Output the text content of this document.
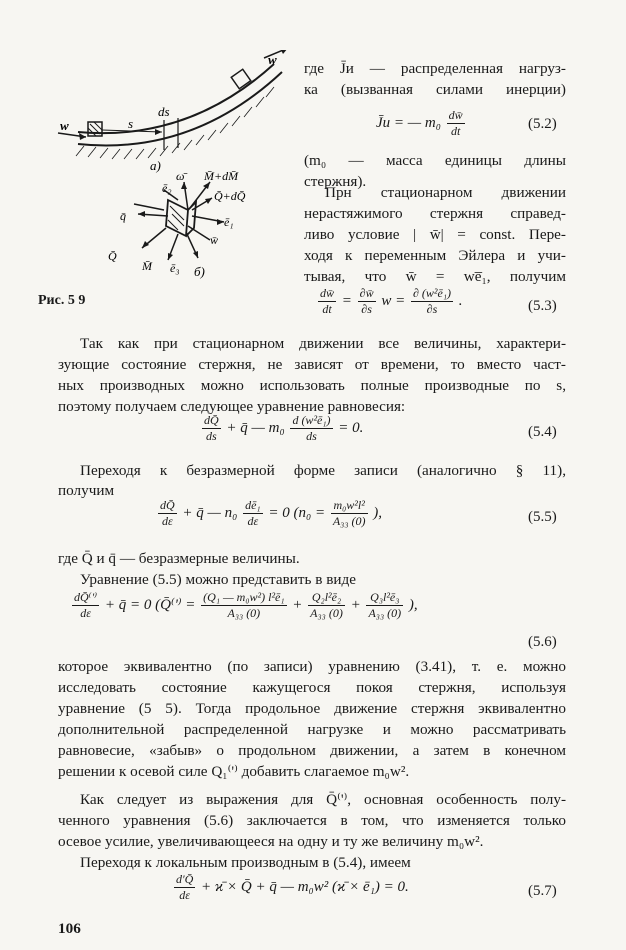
w
w
s
ds
a)
ω̄ M̄+dM̄
Q̄+dQ̄
ē₂
ē₁
q̄
w̄
Q̄
M̄ ē₃ б)
Рис. 5 9
где J̄и — распределенная нагруз-
ка (вызванная силами инерции)
J̄и = — $m_0 \frac{dw̄}{dt}$	(5.2)
(m₀ — масса единицы длины
стержня).
Прн стационарном движении
нерастяжимого стержня справед-
ливо условие | w̄| = const. Пере-
ходя к переменным Эйлера и учи-
тывая, что w̄ = we̅₁, получим
$\frac{dw̄}{dt} = \frac{\partial w̄}{\partial s}$ $w = \frac{\text{∂ (w²ē₁)}}{\partial s}$ .	(5.3)
Так как при стационарном движении все величины, характери-
зующие состояние стержня, не зависят от времени, то вместо част-
ных производных можно использовать полные производные по s,
поэтому получаем следующее уравнение равновесия:
$\frac{dQ̄}{ds}$ + q̄ — $m_0 \frac{\text{d (w²ē₁)}}{ds} = 0$.	(5.4)
Переходя к безразмерной форме записи (аналогично § 11),
получим
$\frac{dQ̄}{d\varepsilon}$ + q̄ — $n_0 \frac{\text{dē₁}}{d\varepsilon} = 0$ ($n_0 = \frac{\text{m₀w²l²}}{\text{A₃₃ (0)}}$ ),	(5.5)
где Q̄ и q̄ — безразмерные величины.
Уравнение (5.5) можно представить в виде
$\frac{dQ̄^('^)}{d\varepsilon}$ + q̄ = 0 (Q̄⁽'⁾ = $\frac{\text{(Q₁ — m₀w²) l²ē₁}}{\text{A₃₃ (0)}} + \frac{\text{Q₂l²ē₂}}{\text{A₃₃ (0)}} + \frac{\text{Q₃l²ē₃}}{\text{A₃₃ (0)}}$ ),
(5.6)
которое эквивалентно (по записи) уравнению (3.41), т. е. можно
исследовать состояние кажущегося покоя стержня, используя
уравнение (5 5). Тогда продольное движение стержня эквивалентно
дополнительной распределенной нагрузке и можно рассматривать
равновесие, «забыв» о продольном движении, а затем в конечном
решении к осевой силе Q₁⁽'⁾ добавить слагаемое m₀w².
Как следует из выражения для Q̄⁽'⁾, основная особенность полу-
ченного уравнения (5.6) заключается в том, что изменяется только
осевое усилие, увеличивающееся на одну и ту же величину m₀w².
Переходя к локальным производным в (5.4), имеем
$\frac{d'Q̄}{d\varepsilon}$ + ϰ̄ × Q̄ + q̄ — m₀w² (ϰ̄ × ē₁) = 0.	(5.7)
106
